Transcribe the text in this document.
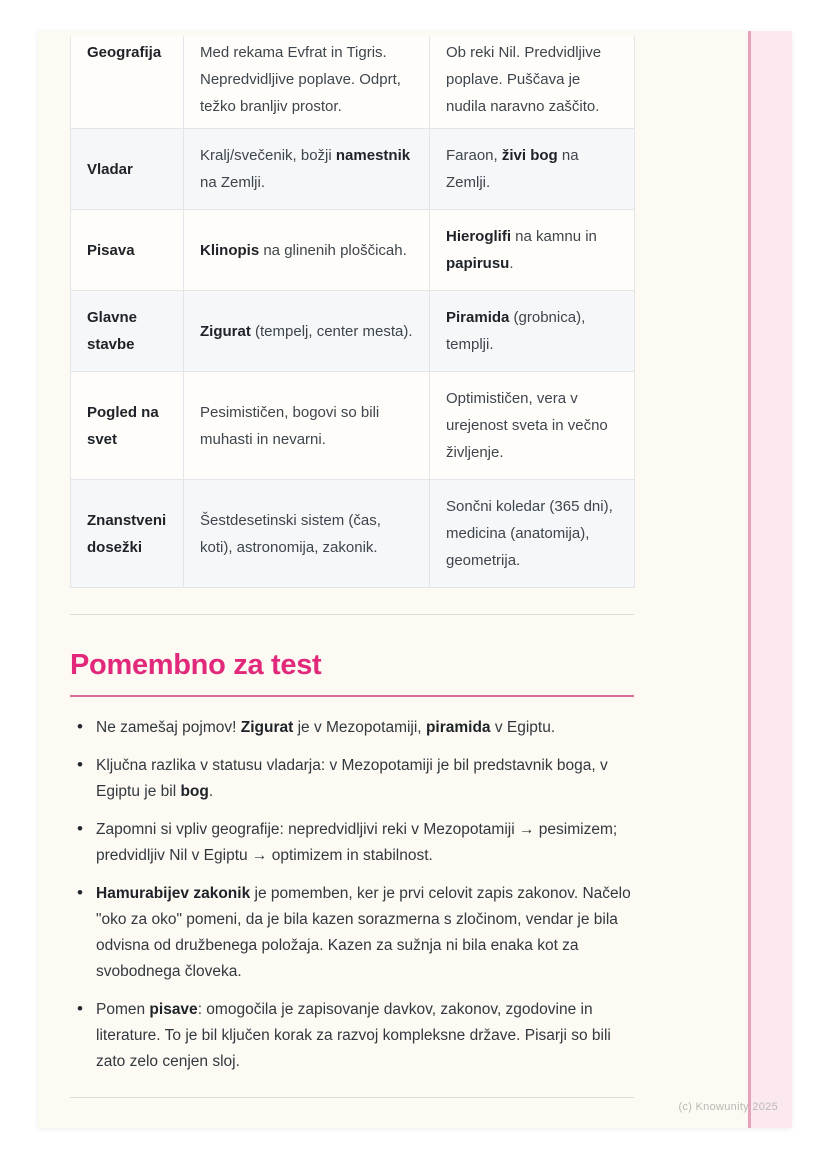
Geografija	Med rekama Evfrat in Tigris. Nepredvidljive poplave. Odprt, težko branljiv prostor.	Ob reki Nil. Predvidljive poplave. Puščava je nudila naravno zaščito.
Vladar	Kralj/svečenik, božji namestnik na Zemlji.	Faraon, živi bog na Zemlji.
Pisava	Klinopis na glinenih ploščicah.	Hieroglifi na kamnu in papirusu.
Glavne stavbe	Zigurat (tempelj, center mesta).	Piramida (grobnica), templji.
Pogled na svet	Pesimističen, bogovi so bili muhasti in nevarni.	Optimističen, vera v urejenost sveta in večno življenje.
Znanstveni dosežki	Šestdesetinski sistem (čas, koti), astronomija, zakonik.	Sončni koledar (365 dni), medicina (anatomija), geometrija.
Pomembno za test
• Ne zamešaj pojmov! Zigurat je v Mezopotamiji, piramida v Egiptu.
• Ključna razlika v statusu vladarja: v Mezopotamiji je bil predstavnik boga, v Egiptu je bil bog.
• Zapomni si vpliv geografije: nepredvidljivi reki v Mezopotamiji → pesimizem; predvidljiv Nil v Egiptu → optimizem in stabilnost.
• Hamurabijev zakonik je pomemben, ker je prvi celovit zapis zakonov. Načelo "oko za oko" pomeni, da je bila kazen sorazmerna s zločinom, vendar je bila odvisna od družbenega položaja. Kazen za sužnja ni bila enaka kot za svobodnega človeka.
• Pomen pisave: omogočila je zapisovanje davkov, zakonov, zgodovine in literature. To je bil ključen korak za razvoj kompleksne države. Pisarji so bili zato zelo cenjen sloj.
(c) Knowunity 2025
